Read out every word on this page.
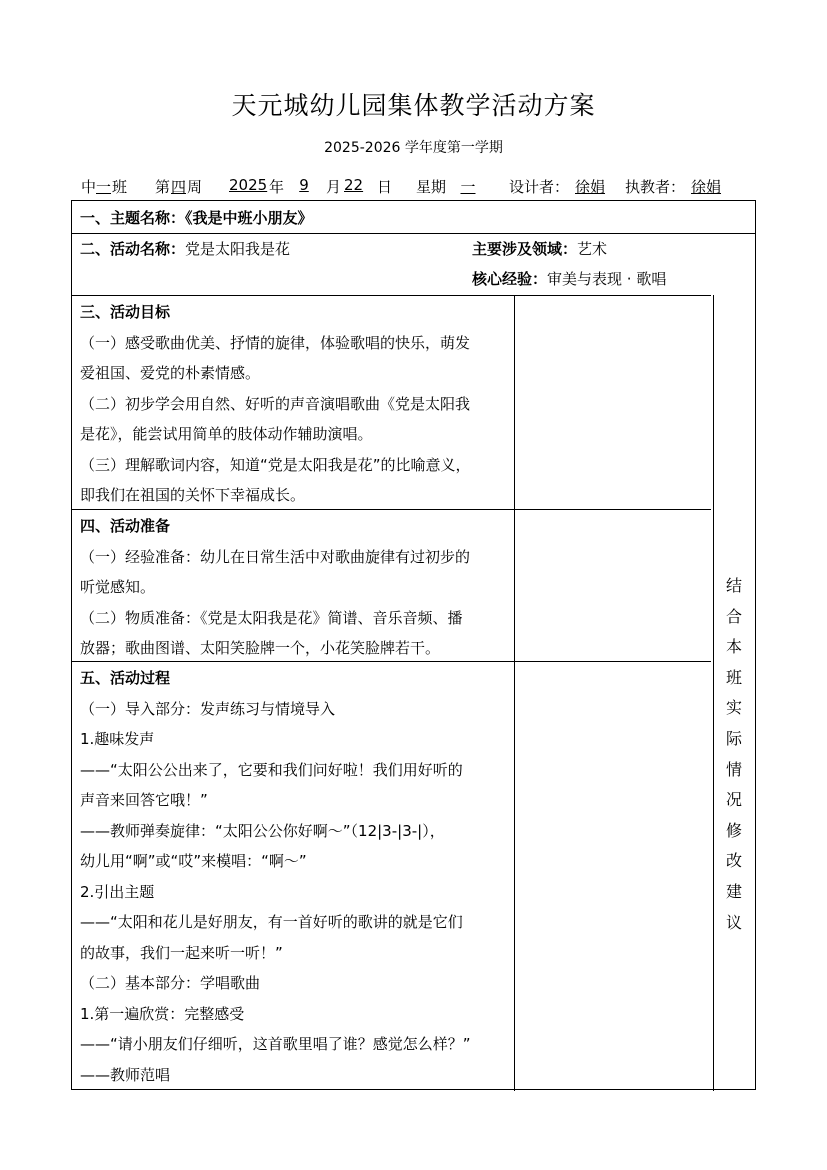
天元城幼儿园集体教学活动方案
2025-2026 学年度第一学期
中 一 班 第 四 周 2025 年	9	月 22 日 星期 一	设计者： 徐娟 执教者： 徐娟
一、主题名称：《我是中班小朋友》
二、活动名称：党是太阳我是花	主要涉及领域：艺术
核心经验：审美与表现 · 歌唱

三、活动目标

（一）感受歌曲优美、抒情的旋律，体验歌唱的快乐，萌发

爱祖国、爱党的朴素情感。

（二）初步学会用自然、好听的声音演唱歌曲《党是太阳我

是花》，能尝试用简单的肢体动作辅助演唱。

（三）理解歌词内容，知道“党是太阳我是花”的比喻意义，

即我们在祖国的关怀下幸福成长。

四、活动准备

（一）经验准备：幼儿在日常生活中对歌曲旋律有过初步的

听觉感知。

（二）物质准备：《党是太阳我是花》简谱、音乐音频、播

放器；歌曲图谱、太阳笑脸牌一个，小花笑脸牌若干。

五、活动过程

（一）导入部分：发声练习与情境导入

1.趣味发声

——“太阳公公出来了，它要和我们问好啦！我们用好听的

声音来回答它哦！”

——教师弹奏旋律：“太阳公公你好啊～”（12|3-|3-|），

幼儿用“啊”或“哎”来模唱：“啊～”

2.引出主题

——“太阳和花儿是好朋友，有一首好听的歌讲的就是它们

的故事，我们一起来听一听！”

（二）基本部分：学唱歌曲

1.第一遍欣赏：完整感受

——“请小朋友们仔细听，这首歌里唱了谁？感觉怎么样？”

——教师范唱

结
合
本
班
实
际
情
况
修
改
建
议
